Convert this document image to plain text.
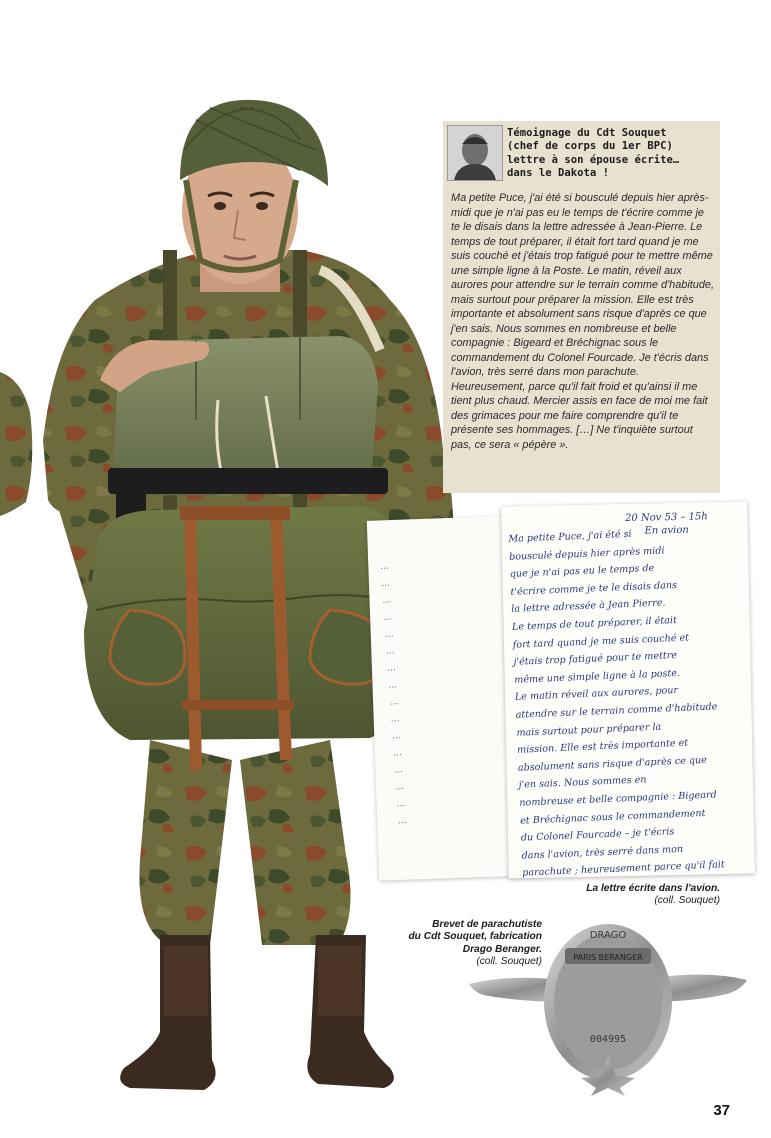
Témoignage du Cdt Souquet
(chef de corps du 1er BPC)
lettre à son épouse écrite…
dans le Dakota !
Ma petite Puce, j'ai été si bousculé depuis hier après-midi que je n'ai pas eu le temps de t'écrire comme je te le disais dans la lettre adressée à Jean-Pierre. Le temps de tout préparer, il était fort tard quand je me suis couché et j'étais trop fatigué pour te mettre même une simple ligne à la Poste. Le matin, réveil aux aurores pour attendre sur le terrain comme d'habitude, mais surtout pour préparer la mission. Elle est très importante et absolument sans risque d'après ce que j'en sais. Nous sommes en nombreuse et belle compagnie : Bigeard et Bréchignac sous le commandement du Colonel Fourcade. Je t'écris dans l'avion, très serré dans mon parachute. Heureusement, parce qu'il fait froid et qu'ainsi il me tient plus chaud. Mercier assis en face de moi me fait des grimaces pour me faire comprendre qu'il te présente ses hommages. […] Ne t'inquiète surtout pas, ce sera « pépère ».
…
…
…
…
…
…
…
…
…
…
…
…
…
…
…
…
20 Nov 53 – 15h
En avion
Ma petite Puce, j'ai été si
bousculé depuis hier après midi
que je n'ai pas eu le temps de
t'écrire comme je te le disais dans
la lettre adressée à Jean Pierre.
Le temps de tout préparer, il était
fort tard quand je me suis couché et
j'étais trop fatigué pour te mettre
même une simple ligne à la poste.
Le matin réveil aux aurores, pour
attendre sur le terrain comme d'habitude
mais surtout pour préparer la
mission. Elle est très importante et
absolument sans risque d'après ce que
j'en sais. Nous sommes en
nombreuse et belle compagnie : Bigeard
et Bréchignac sous le commandement
du Colonel Fourcade – je t'écris
dans l'avion, très serré dans mon
parachute ; heureusement parce qu'il fait
La lettre écrite dans l'avion.
(coll. Souquet)
Brevet de parachutiste
du Cdt Souquet, fabrication
Drago Beranger.
(coll. Souquet)
DRAGO
PARIS BERANGER
004995
37
